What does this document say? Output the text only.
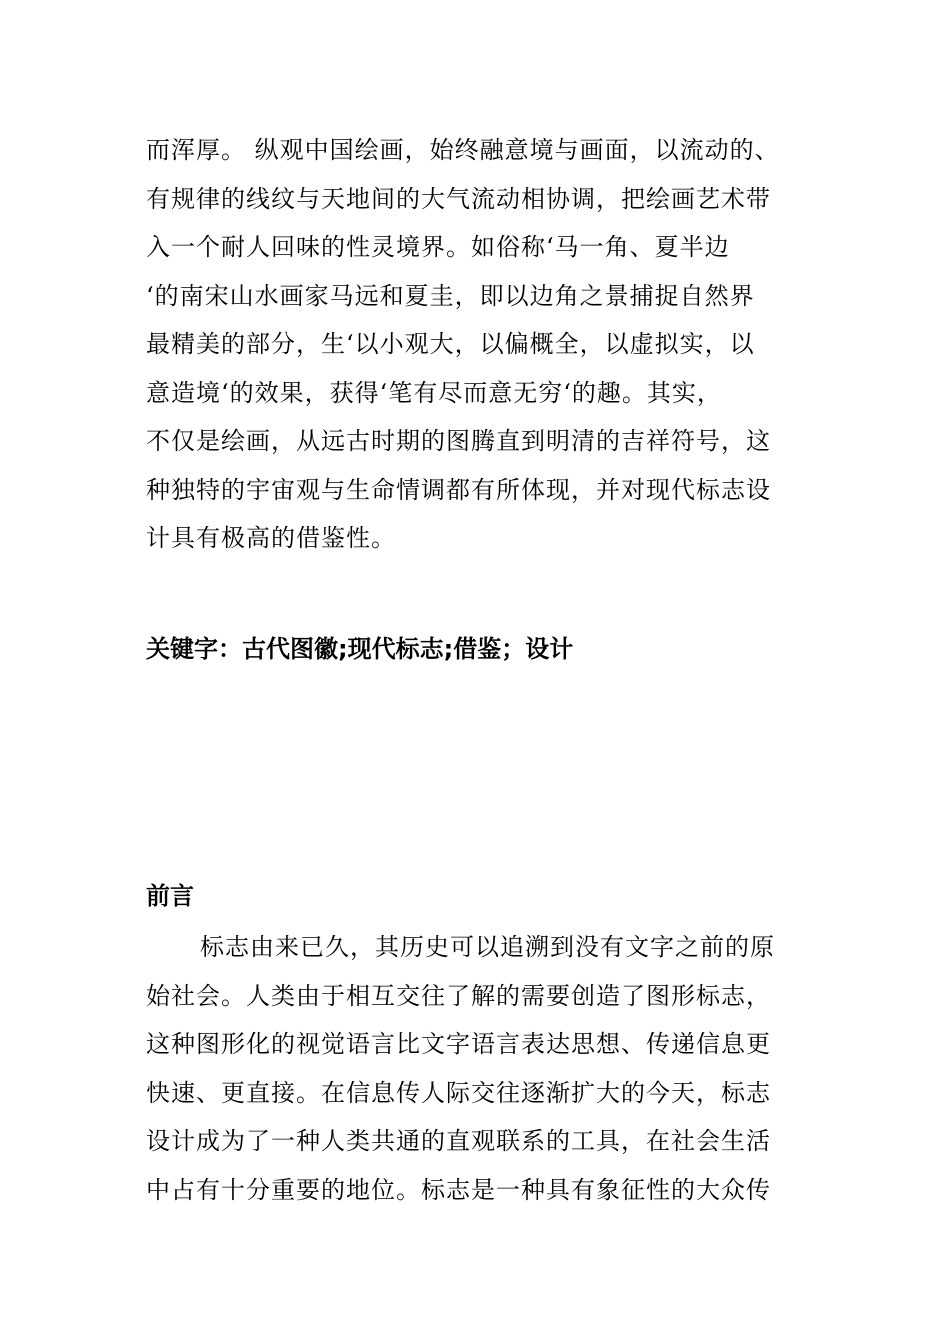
而浑厚。 纵观中国绘画，始终融意境与画面，以流动的、
有规律的线纹与天地间的大气流动相协调，把绘画艺术带
入一个耐人回味的性灵境界。如俗称‘马一角、夏半边
‘的南宋山水画家马远和夏圭，即以边角之景捕捉自然界
最精美的部分，生‘以小观大，以偏概全，以虚拟实，以
意造境‘的效果，获得‘笔有尽而意无穷‘的趣。其实，
不仅是绘画，从远古时期的图腾直到明清的吉祥符号，这
种独特的宇宙观与生命情调都有所体现，并对现代标志设
计具有极高的借鉴性。
关键字：古代图徽;现代标志;借鉴；设计
前言
标志由来已久，其历史可以追溯到没有文字之前的原
始社会。人类由于相互交往了解的需要创造了图形标志，
这种图形化的视觉语言比文字语言表达思想、传递信息更
快速、更直接。在信息传人际交往逐渐扩大的今天，标志
设计成为了一种人类共通的直观联系的工具，在社会生活
中占有十分重要的地位。标志是一种具有象征性的大众传
